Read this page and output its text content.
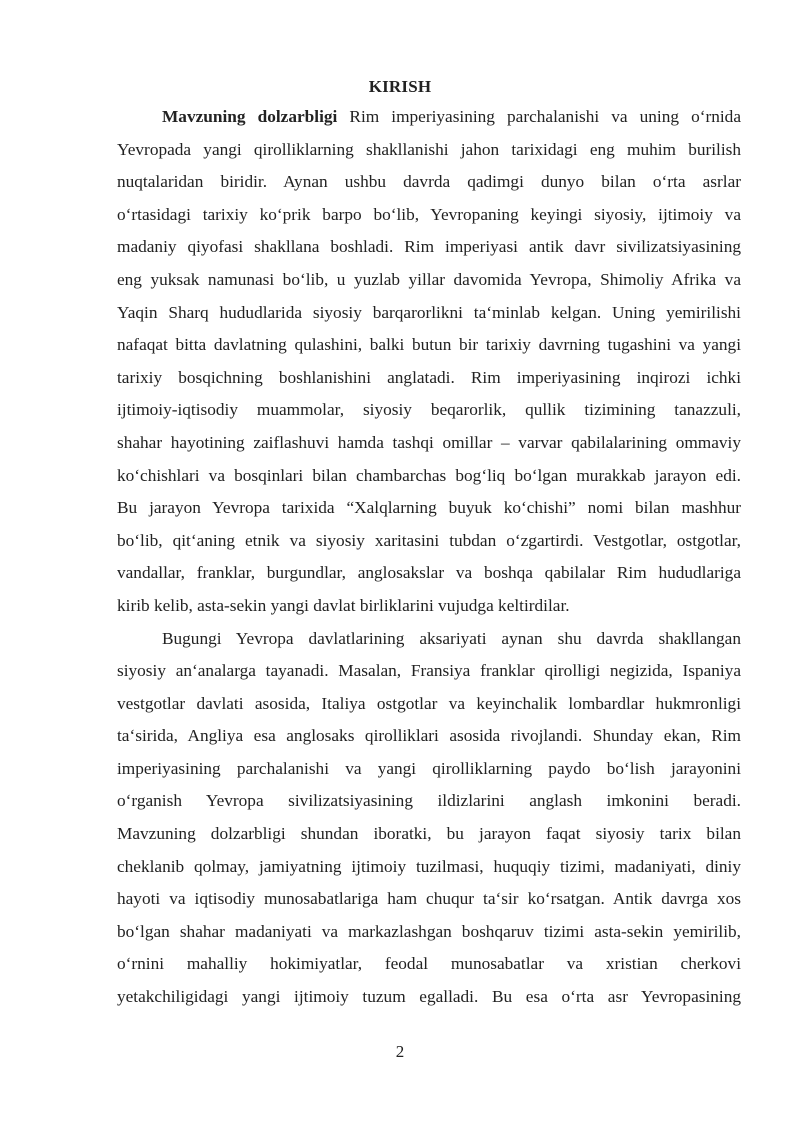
KIRISH
Mavzuning dolzarbligi Rim imperiyasining parchalanishi va uning o‘rnida
Yevropada yangi qirolliklarning shakllanishi jahon tarixidagi eng muhim burilish
nuqtalaridan biridir. Aynan ushbu davrda qadimgi dunyo bilan o‘rta asrlar
o‘rtasidagi tarixiy ko‘prik barpo bo‘lib, Yevropaning keyingi siyosiy, ijtimoiy va
madaniy qiyofasi shakllana boshladi. Rim imperiyasi antik davr sivilizatsiyasining
eng yuksak namunasi bo‘lib, u yuzlab yillar davomida Yevropa, Shimoliy Afrika va
Yaqin Sharq hududlarida siyosiy barqarorlikni ta‘minlab kelgan. Uning yemirilishi
nafaqat bitta davlatning qulashini, balki butun bir tarixiy davrning tugashini va yangi
tarixiy bosqichning boshlanishini anglatadi. Rim imperiyasining inqirozi ichki
ijtimoiy-iqtisodiy muammolar, siyosiy beqarorlik, qullik tizimining tanazzuli,
shahar hayotining zaiflashuvi hamda tashqi omillar – varvar qabilalarining ommaviy
ko‘chishlari va bosqinlari bilan chambarchas bog‘liq bo‘lgan murakkab jarayon edi.
Bu jarayon Yevropa tarixida “Xalqlarning buyuk ko‘chishi” nomi bilan mashhur
bo‘lib, qit‘aning etnik va siyosiy xaritasini tubdan o‘zgartirdi. Vestgotlar, ostgotlar,
vandallar, franklar, burgundlar, anglosakslar va boshqa qabilalar Rim hududlariga
kirib kelib, asta-sekin yangi davlat birliklarini vujudga keltirdilar.
Bugungi Yevropa davlatlarining aksariyati aynan shu davrda shakllangan
siyosiy an‘analarga tayanadi. Masalan, Fransiya franklar qirolligi negizida, Ispaniya
vestgotlar davlati asosida, Italiya ostgotlar va keyinchalik lombardlar hukmronligi
ta‘sirida, Angliya esa anglosaks qirolliklari asosida rivojlandi. Shunday ekan, Rim
imperiyasining parchalanishi va yangi qirolliklarning paydo bo‘lish jarayonini
o‘rganish Yevropa sivilizatsiyasining ildizlarini anglash imkonini beradi.
Mavzuning dolzarbligi shundan iboratki, bu jarayon faqat siyosiy tarix bilan
cheklanib qolmay, jamiyatning ijtimoiy tuzilmasi, huquqiy tizimi, madaniyati, diniy
hayoti va iqtisodiy munosabatlariga ham chuqur ta‘sir ko‘rsatgan. Antik davrga xos
bo‘lgan shahar madaniyati va markazlashgan boshqaruv tizimi asta-sekin yemirilib,
o‘rnini mahalliy hokimiyatlar, feodal munosabatlar va xristian cherkovi
yetakchiligidagi yangi ijtimoiy tuzum egalladi. Bu esa o‘rta asr Yevropasining
2
